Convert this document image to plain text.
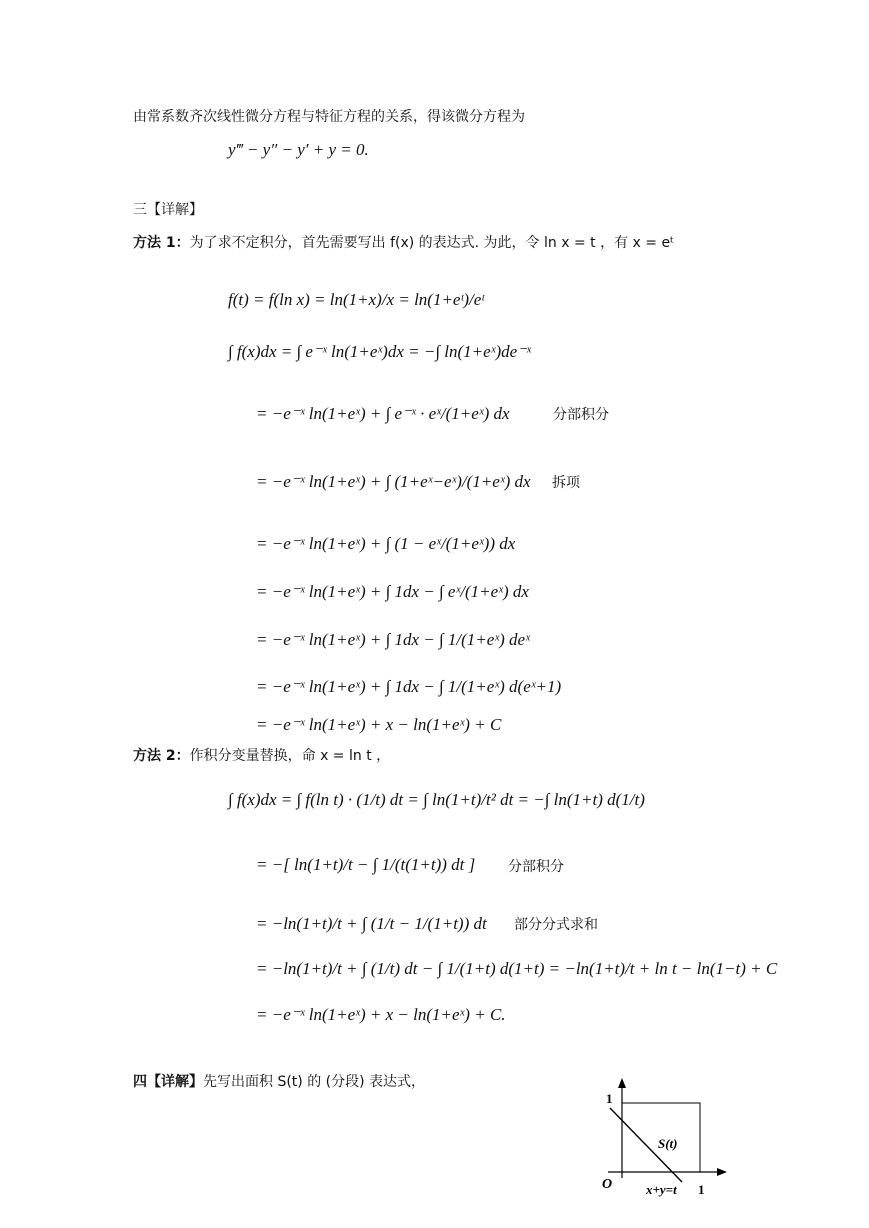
由常系数齐次线性微分方程与特征方程的关系，得该微分方程为
y‴ − y″ − y′ + y = 0.
三【详解】
方法 1：为了求不定积分，首先需要写出 f(x) 的表达式. 为此，令 ln x = t ，有 x = eᵗ
f(t) = f(ln x) = ln(1+x)/x = ln(1+eᵗ)/eᵗ
∫ f(x)dx = ∫ e⁻ˣ ln(1+eˣ)dx = −∫ ln(1+eˣ)de⁻ˣ
= −e⁻ˣ ln(1+eˣ) + ∫ e⁻ˣ · eˣ/(1+eˣ) dx	分部积分
= −e⁻ˣ ln(1+eˣ) + ∫ (1+eˣ−eˣ)/(1+eˣ) dx 拆项
= −e⁻ˣ ln(1+eˣ) + ∫ (1 − eˣ/(1+eˣ)) dx
= −e⁻ˣ ln(1+eˣ) + ∫ 1dx − ∫ eˣ/(1+eˣ) dx
= −e⁻ˣ ln(1+eˣ) + ∫ 1dx − ∫ 1/(1+eˣ) deˣ
= −e⁻ˣ ln(1+eˣ) + ∫ 1dx − ∫ 1/(1+eˣ) d(eˣ+1)
= −e⁻ˣ ln(1+eˣ) + x − ln(1+eˣ) + C
方法 2：作积分变量替换，命 x = ln t ，
∫ f(x)dx = ∫ f(ln t) · (1/t) dt = ∫ ln(1+t)/t² dt = −∫ ln(1+t) d(1/t)
= −[ ln(1+t)/t − ∫ 1/(t(1+t)) dt ] 分部积分
= −ln(1+t)/t + ∫ (1/t − 1/(1+t)) dt 部分分式求和
= −ln(1+t)/t + ∫ (1/t) dt − ∫ 1/(1+t) d(1+t) = −ln(1+t)/t + ln t − ln(1−t) + C
= −e⁻ˣ ln(1+eˣ) + x − ln(1+eˣ) + C.
四【详解】先写出面积 S(t) 的 (分段) 表达式，
1
S(t)
O	x+y=t 1
